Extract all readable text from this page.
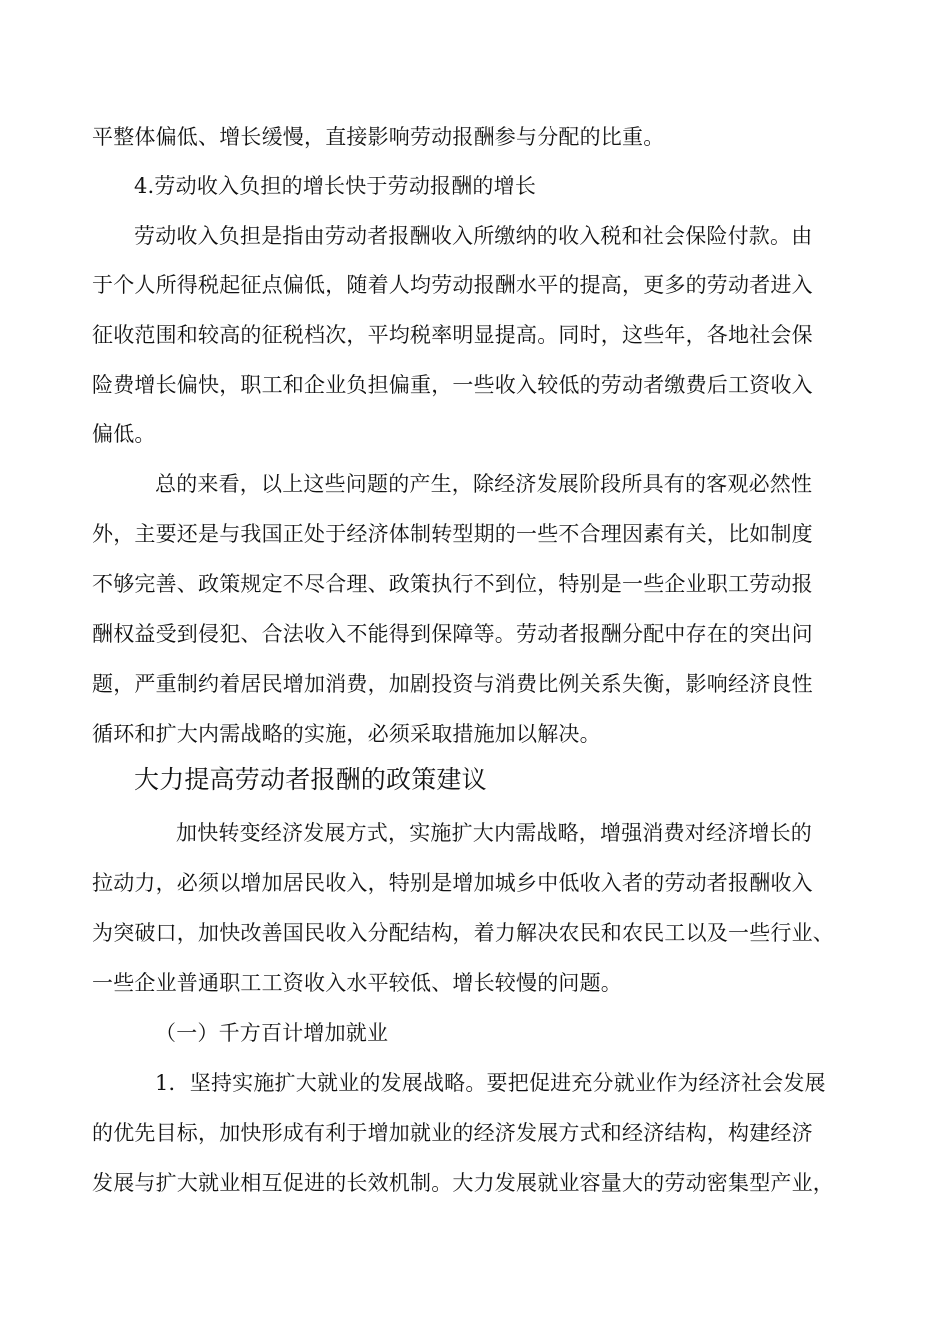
平整体偏低、增长缓慢，直接影响劳动报酬参与分配的比重。
4.劳动收入负担的增长快于劳动报酬的增长
劳动收入负担是指由劳动者报酬收入所缴纳的收入税和社会保险付款。由
于个人所得税起征点偏低，随着人均劳动报酬水平的提高，更多的劳动者进入
征收范围和较高的征税档次，平均税率明显提高。同时，这些年，各地社会保
险费增长偏快，职工和企业负担偏重，一些收入较低的劳动者缴费后工资收入
偏低。
总的来看，以上这些问题的产生，除经济发展阶段所具有的客观必然性
外，主要还是与我国正处于经济体制转型期的一些不合理因素有关，比如制度
不够完善、政策规定不尽合理、政策执行不到位，特别是一些企业职工劳动报
酬权益受到侵犯、合法收入不能得到保障等。劳动者报酬分配中存在的突出问
题，严重制约着居民增加消费，加剧投资与消费比例关系失衡，影响经济良性
循环和扩大内需战略的实施，必须采取措施加以解决。
大力提高劳动者报酬的政策建议
加快转变经济发展方式，实施扩大内需战略，增强消费对经济增长的
拉动力，必须以增加居民收入，特别是增加城乡中低收入者的劳动者报酬收入
为突破口，加快改善国民收入分配结构，着力解决农民和农民工以及一些行业、
一些企业普通职工工资收入水平较低、增长较慢的问题。
（一）千方百计增加就业
1．坚持实施扩大就业的发展战略。要把促进充分就业作为经济社会发展
的优先目标，加快形成有利于增加就业的经济发展方式和经济结构，构建经济
发展与扩大就业相互促进的长效机制。大力发展就业容量大的劳动密集型产业，
